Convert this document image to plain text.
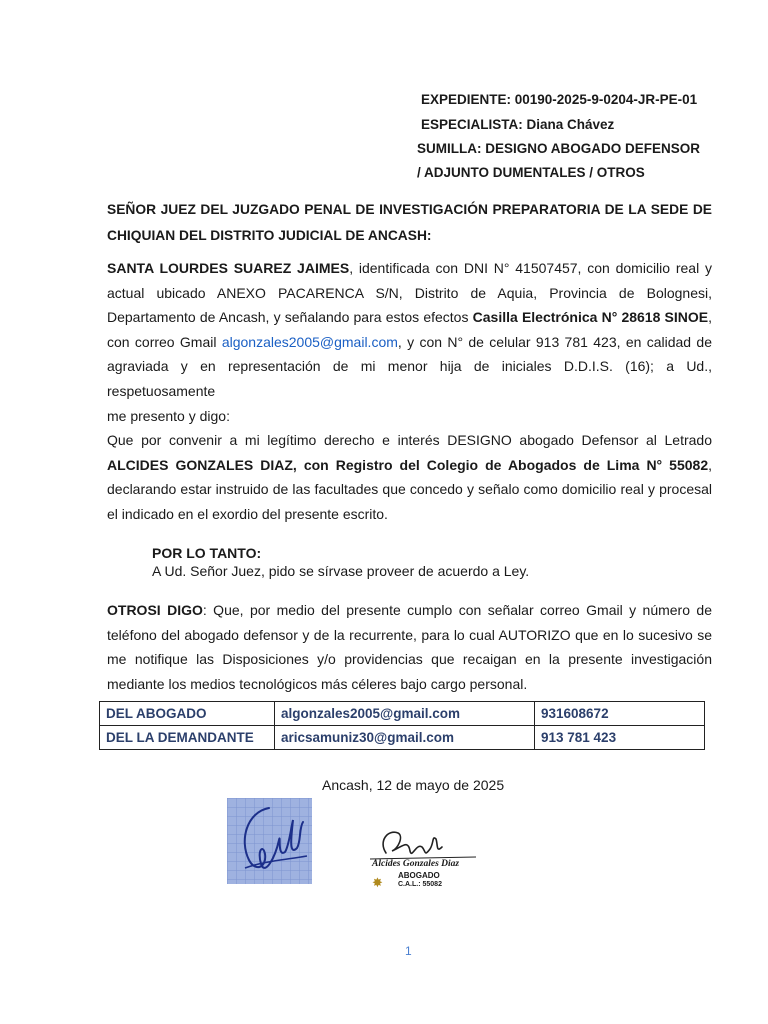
EXPEDIENTE: 00190-2025-9-0204-JR-PE-01
ESPECIALISTA: Diana Chávez
SUMILLA: DESIGNO ABOGADO DEFENSOR
/ ADJUNTO DUMENTALES / OTROS
SEÑOR JUEZ DEL JUZGADO PENAL DE INVESTIGACIÓN PREPARATORIA DE LA SEDE DE
CHIQUIAN DEL DISTRITO JUDICIAL DE ANCASH:
SANTA LOURDES SUAREZ JAIMES, identificada con DNI N° 41507457, con domicilio real y
actual ubicado ANEXO PACARENCA S/N, Distrito de Aquia, Provincia de Bolognesi,
Departamento de Ancash, y señalando para estos efectos Casilla Electrónica N° 28618 SINOE,
con correo Gmail algonzales2005@gmail.com, y con N° de celular 913 781 423, en calidad de
agraviada y en representación de mi menor hija de iniciales D.D.I.S. (16); a Ud., respetuosamente
me presento y digo:
Que por convenir a mi legítimo derecho e interés DESIGNO abogado Defensor al Letrado
ALCIDES GONZALES DIAZ, con Registro del Colegio de Abogados de Lima N° 55082,
declarando estar instruido de las facultades que concedo y señalo como domicilio real y procesal
el indicado en el exordio del presente escrito.
POR LO TANTO:
A Ud. Señor Juez, pido se sírvase proveer de acuerdo a Ley.
OTROSI DIGO: Que, por medio del presente cumplo con señalar correo Gmail y número de
teléfono del abogado defensor y de la recurrente, para lo cual AUTORIZO que en lo sucesivo se
me notifique las Disposiciones y/o providencias que recaigan en la presente investigación
mediante los medios tecnológicos más céleres bajo cargo personal.
DEL ABOGADO	algonzales2005@gmail.com	931608672
DEL LA DEMANDANTE	aricsamuniz30@gmail.com	913 781 423
Ancash, 12 de mayo de 2025
Alcides Gonzales Diaz
✸ ABOGADO
C.A.L.: 55082
1
